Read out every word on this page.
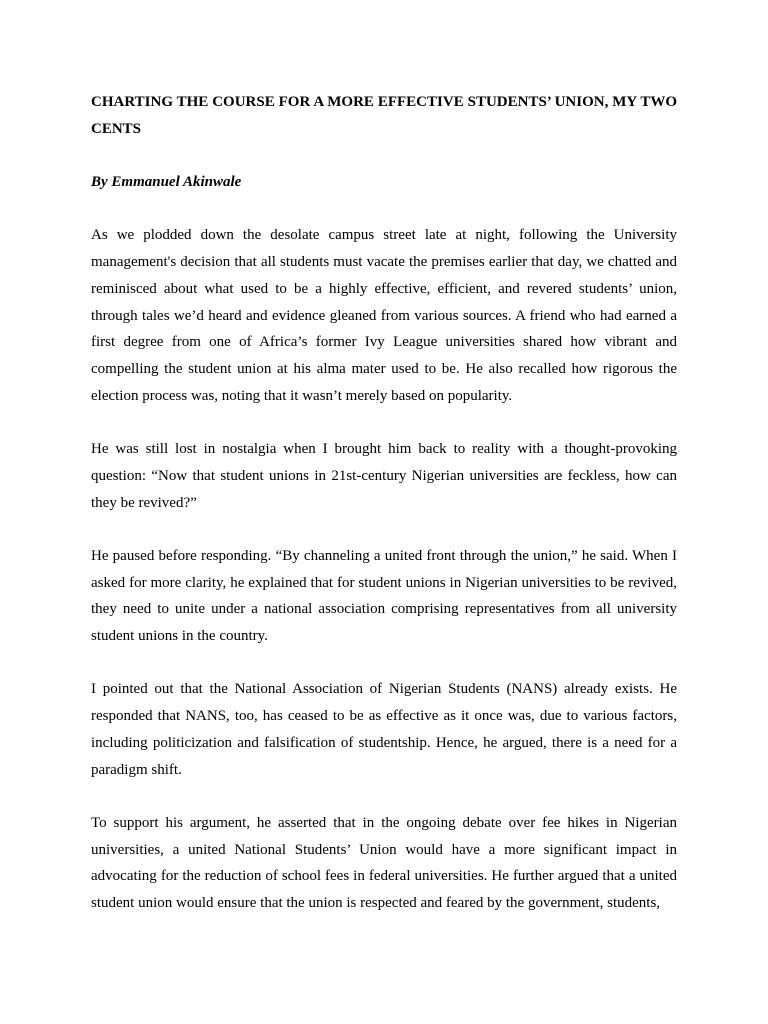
CHARTING THE COURSE FOR A MORE EFFECTIVE STUDENTS’ UNION, MY TWO CENTS

By Emmanuel Akinwale

As we plodded down the desolate campus street late at night, following the University management's decision that all students must vacate the premises earlier that day, we chatted and reminisced about what used to be a highly effective, efficient, and revered students’ union, through tales we’d heard and evidence gleaned from various sources. A friend who had earned a first degree from one of Africa’s former Ivy League universities shared how vibrant and compelling the student union at his alma mater used to be. He also recalled how rigorous the election process was, noting that it wasn’t merely based on popularity.

He was still lost in nostalgia when I brought him back to reality with a thought-provoking question: “Now that student unions in 21st-century Nigerian universities are feckless, how can they be revived?”

He paused before responding. “By channeling a united front through the union,” he said. When I asked for more clarity, he explained that for student unions in Nigerian universities to be revived, they need to unite under a national association comprising representatives from all university student unions in the country.

I pointed out that the National Association of Nigerian Students (NANS) already exists. He responded that NANS, too, has ceased to be as effective as it once was, due to various factors, including politicization and falsification of studentship. Hence, he argued, there is a need for a paradigm shift.

To support his argument, he asserted that in the ongoing debate over fee hikes in Nigerian universities, a united National Students’ Union would have a more significant impact in advocating for the reduction of school fees in federal universities. He further argued that a united student union would ensure that the union is respected and feared by the government, students,
